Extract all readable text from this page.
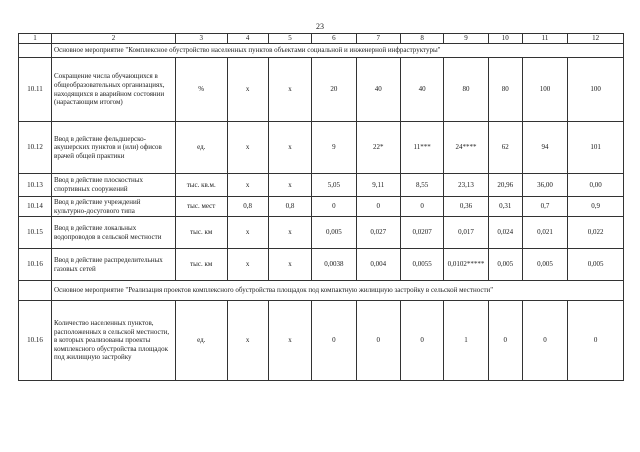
23
1	2	3	4	5	6	7	8	9	10	11	12
	Основное мероприятие "Комплексное обустройство населенных пунктов объектами социальной и инженерной инфраструктуры"										
10.11	Сокращение числа обучающихся в общеобразовательных организациях, находящихся в аварийном состоянии (нарастающим итогом)	%	х	х	20	40	40	80	80	100	100
10.12	Ввод в действие фельдшерско-акушерских пунктов и (или) офисов врачей общей практики	ед.	х	х	9	22*	11***	24****	62	94	101
10.13	Ввод в действие плоскостных спортивных сооружений	тыс. кв.м.	х	х	5,05	9,11	8,55	23,13	20,96	36,00	0,00
10.14	Ввод в действие учреждений культурно-досугового типа	тыс. мест	0,8	0,8	0	0	0	0,36	0,31	0,7	0,9
10.15	Ввод в действие локальных водопроводов в сельской местности	тыс. км	х	х	0,005	0,027	0,0207	0,017	0,024	0,021	0,022
10.16	Ввод в действие распределительных газовых сетей	тыс. км	х	х	0,0038	0,004	0,0055	0,0102*****	0,005	0,005	0,005
	Основное мероприятие "Реализация проектов комплексного обустройства площадок под компактную жилищную застройку в сельской местности"										
10.16	Количество населенных пунктов, расположенных в сельской местности, в которых реализованы проекты комплексного обустройства площадок под жилищную застройку	ед.	х	х	0	0	0	1	0	0	0
